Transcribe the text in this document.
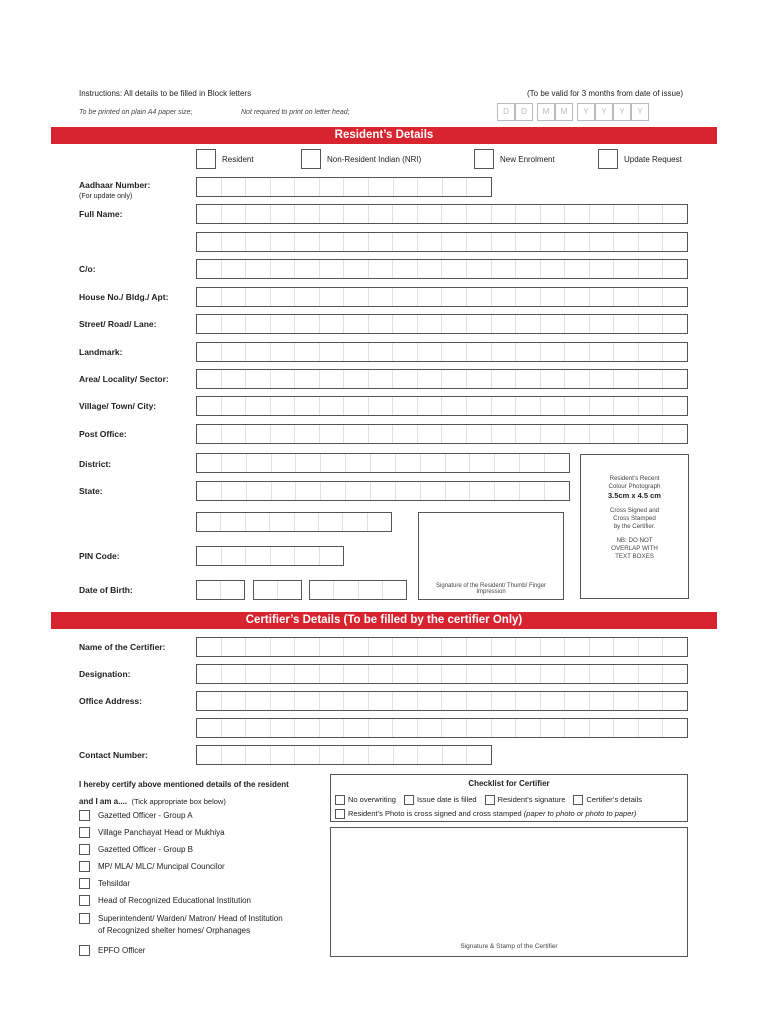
Instructions: All details to be filled in Block letters	(To be valid for 3 months from date of issue)
To be printed on plain A4 paper size;	Not required to print on letter head;	D	D	M	M	Y	Y	Y	Y
Resident’s Details
Resident	Non-Resident Indian (NRI)	New Enrolment	Update Request
Aadhaar Number:
(For update only)
Full Name:
C/o:
House No./ Bldg./ Apt:
Street/ Road/ Lane:
Landmark:
Area/ Locality/ Sector:
Village/ Town/ City:
Post Office:
District:
State:
PIN Code:
Date of Birth:	Signature of the Resident/ Thumb/ Finger Impression
Resident's Recent
Colour Photograph
3.5cm x 4.5 cm
Cross Signed and
Cross Stamped
by the Certifier.
NB: DO NOT
OVERLAP WITH
TEXT BOXES
Certifier’s Details (To be filled by the certifier Only)
Name of the Certifier:
Designation:
Office Address:
Contact Number:
I hereby certify above mentioned details of the resident
and I am a.... (Tick appropriate box below)
Gazetted Officer - Group A
Village Panchayat Head or Mukhiya
Gazetted Officer - Group B
MP/ MLA/ MLC/ Muncipal Councilor
Tehsildar
Head of Recognized Educational Institution
Superintendent/ Warden/ Matron/ Head of Institution
of Recognized shelter homes/ Orphanages
EPFO Officer
Checklist for Certifier
No overwriting	Issue date is filled	Resident’s signature	Certifier’s details
Resident’s Photo is cross signed and cross stamped (paper to photo or photo to paper)
Signature & Stamp of the Certifier
